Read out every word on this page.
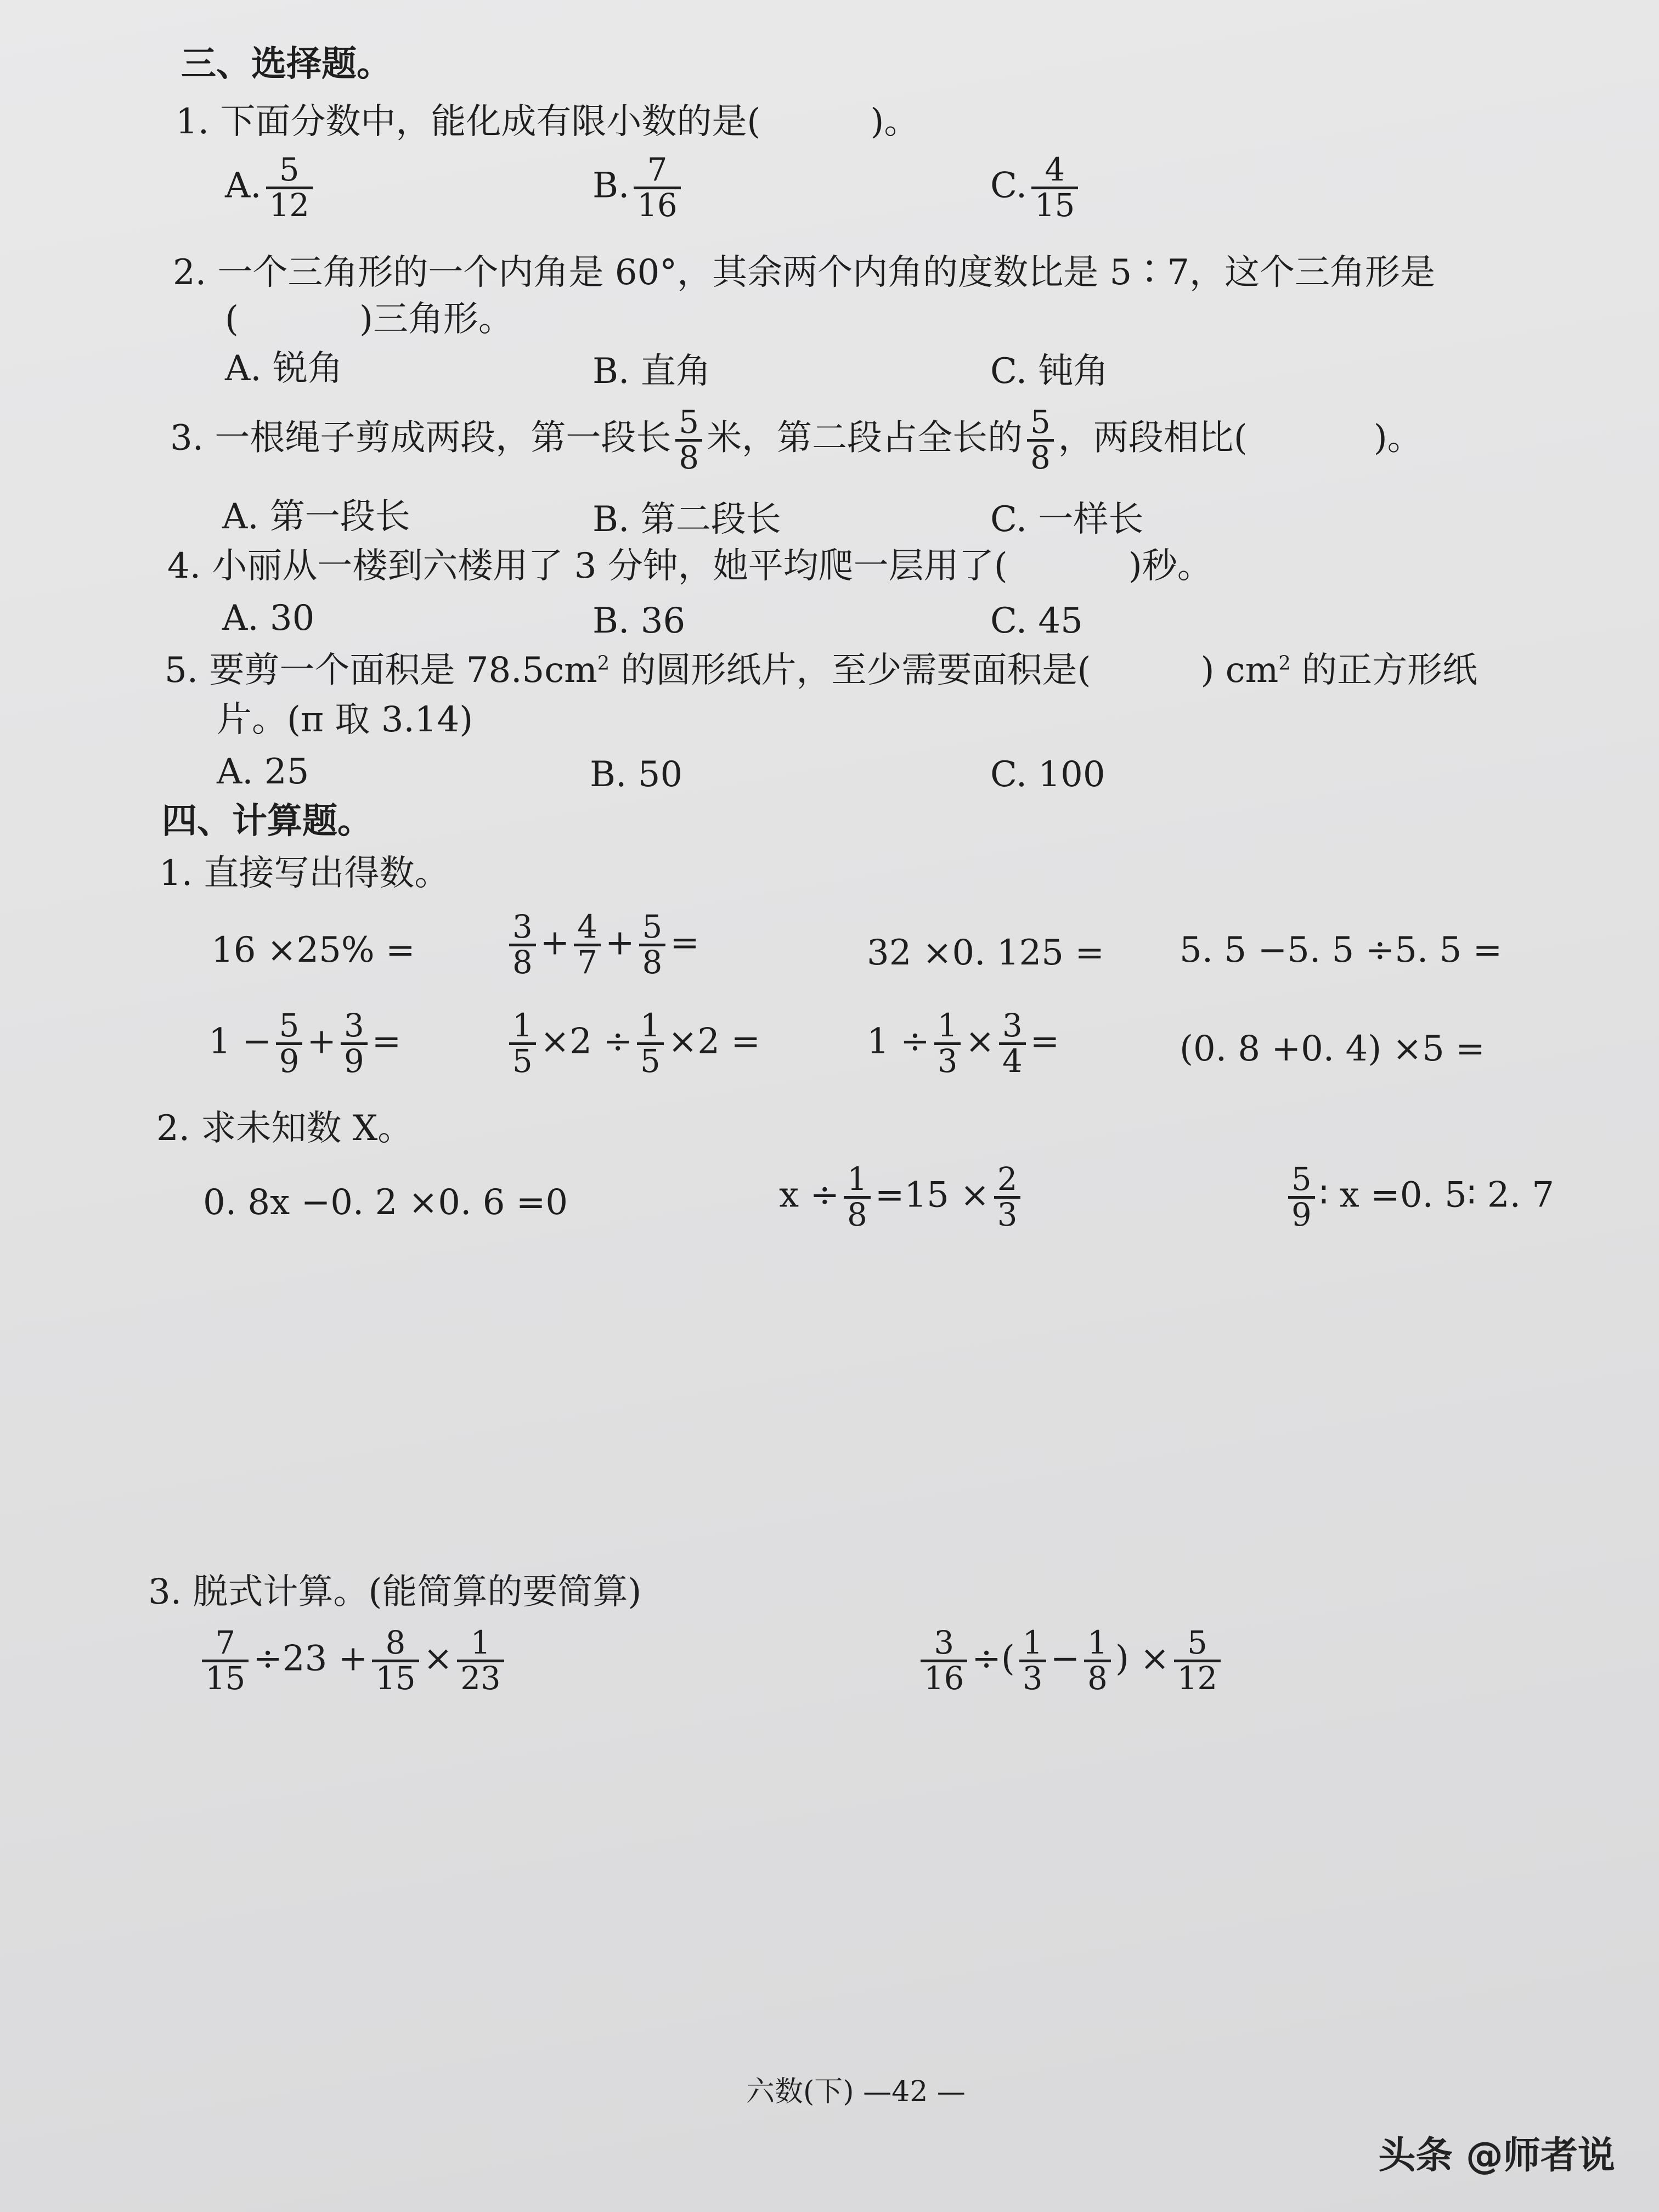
三、选择题。
1. 下面分数中，能化成有限小数的是(	)。
A. $\frac{5}{12}$	B. $\frac{7}{16}$	C. $\frac{4}{15}$
2. 一个三角形的一个内角是 60°，其余两个内角的度数比是 5∶7，这个三角形是
(	)三角形。
A. 锐角	B. 直角	C. 钝角
3. 一根绳子剪成两段，第一段长 $\frac{5}{8}$ 米，第二段占全长的 $\frac{5}{8}$ ，两段相比(	)。
A. 第一段长	B. 第二段长	C. 一样长
4. 小丽从一楼到六楼用了 3 分钟，她平均爬一层用了(	)秒。
A. 30	B. 36	C. 45
5. 要剪一个面积是 $78.5cm^2$ 的圆形纸片，至少需要面积是(	) $cm^2$ 的正方形纸
片。(π 取 3.14)
A. 25	B. 50	C. 100
四、计算题。
1. 直接写出得数。
16 ×25% =	$\frac{3}{8} + \frac{4}{7} + \frac{5}{8}$ =	32 ×0. 125 = 5. 5 −5. 5 ÷5. 5 =
$1 - \frac{5}{9} + \frac{3}{9}$ =	$\frac{1}{5} \times 2 \div \frac{1}{5} \times 2$ =	$1 \div \frac{1}{3} \times \frac{3}{4}$ =	(0. 8 +0. 4) ×5 =
2. 求未知数 X。
0. 8x −0. 2 ×0. 6 =0	$x \div \frac{1}{8} =15 \times \frac{2}{3}$	$\frac{5}{9}$ ∶ x =0. 5∶ 2. 7
3. 脱式计算。(能简算的要简算)
$\frac{7}{15} \div 23 + \frac{8}{15} \times \frac{1}{23}$	$\frac{3}{16}$ ÷( $\frac{1}{3} - \frac{1}{8}$ ) × $\frac{5}{12}$
六数(下) —42 —
头条 @师者说
